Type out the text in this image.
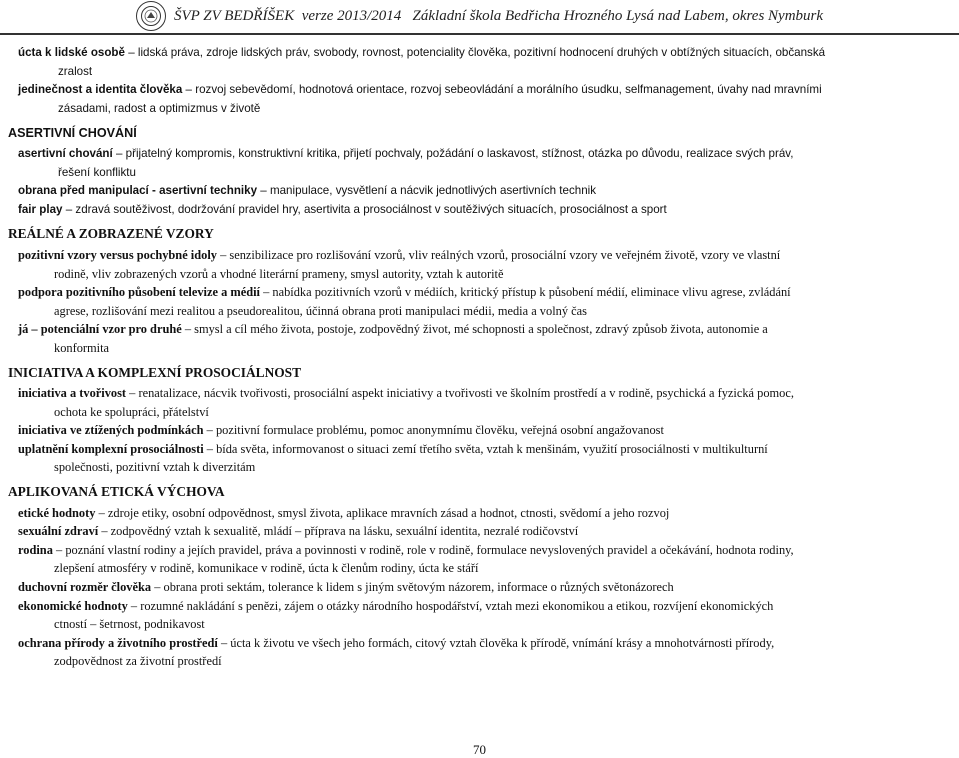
ŠVP ZV BEDŘÍŠEK verze 2013/2014 Základní škola Bedřicha Hrozného Lysá nad Labem, okres Nymburk
úcta k lidské osobě – lidská práva, zdroje lidských práv, svobody, rovnost, potenciality člověka, pozitivní hodnocení druhých v obtížných situacích, občanská
zralost
jedinečnost a identita člověka – rozvoj sebevědomí, hodnotová orientace, rozvoj sebeovládání a morálního úsudku, selfmanagement, úvahy nad mravními
zásadami, radost a optimizmus v životě
ASERTIVNÍ CHOVÁNÍ
asertivní chování – přijatelný kompromis, konstruktivní kritika, přijetí pochvaly, požádání o laskavost, stížnost, otázka po důvodu, realizace svých práv,
řešení konfliktu
obrana před manipulací - asertivní techniky – manipulace, vysvětlení a nácvik jednotlivých asertivních technik
fair play – zdravá soutěživost, dodržování pravidel hry, asertivita a prosociálnost v soutěživých situacích, prosociálnost a sport
REÁLNÉ A ZOBRAZENÉ VZORY
pozitivní vzory versus pochybné idoly – senzibilizace pro rozlišování vzorů, vliv reálných vzorů, prosociální vzory ve veřejném životě, vzory ve vlastní
rodině, vliv zobrazených vzorů a vhodné literární prameny, smysl autority, vztah k autoritě
podpora pozitivního působení televize a médií – nabídka pozitivních vzorů v médiích, kritický přístup k působení médií, eliminace vlivu agrese, zvládání
agrese, rozlišování mezi realitou a pseudorealitou, účinná obrana proti manipulaci médii, media a volný čas
já – potenciální vzor pro druhé – smysl a cíl mého života, postoje, zodpovědný život, mé schopnosti a společnost, zdravý způsob života, autonomie a
konformita
INICIATIVA A KOMPLEXNÍ PROSOCIÁLNOST
iniciativa a tvořivost – renatalizace, nácvik tvořivosti, prosociální aspekt iniciativy a tvořivosti ve školním prostředí a v rodině, psychická a fyzická pomoc,
ochota ke spolupráci, přátelství
iniciativa ve ztížených podmínkách – pozitivní formulace problému, pomoc anonymnímu člověku, veřejná osobní angažovanost
uplatnění komplexní prosociálnosti – bída světa, informovanost o situaci zemí třetího světa, vztah k menšinám, využití prosociálnosti v multikulturní
společnosti, pozitivní vztah k diverzitám
APLIKOVANÁ ETICKÁ VÝCHOVA
etické hodnoty – zdroje etiky, osobní odpovědnost, smysl života, aplikace mravních zásad a hodnot, ctnosti, svědomí a jeho rozvoj
sexuální zdraví – zodpovědný vztah k sexualitě, mládí – příprava na lásku, sexuální identita, nezralé rodičovství
rodina – poznání vlastní rodiny a jejích pravidel, práva a povinnosti v rodině, role v rodině, formulace nevyslovených pravidel a očekávání, hodnota rodiny,
zlepšení atmosféry v rodině, komunikace v rodině, úcta k členům rodiny, úcta ke stáří
duchovní rozměr člověka – obrana proti sektám, tolerance k lidem s jiným světovým názorem, informace o různých světonázorech
ekonomické hodnoty – rozumné nakládání s penězi, zájem o otázky národního hospodářství, vztah mezi ekonomikou a etikou, rozvíjení ekonomických
ctností – šetrnost, podnikavost
ochrana přírody a životního prostředí – úcta k životu ve všech jeho formách, citový vztah člověka k přírodě, vnímání krásy a mnohotvárnosti přírody,
zodpovědnost za životní prostředí
70
